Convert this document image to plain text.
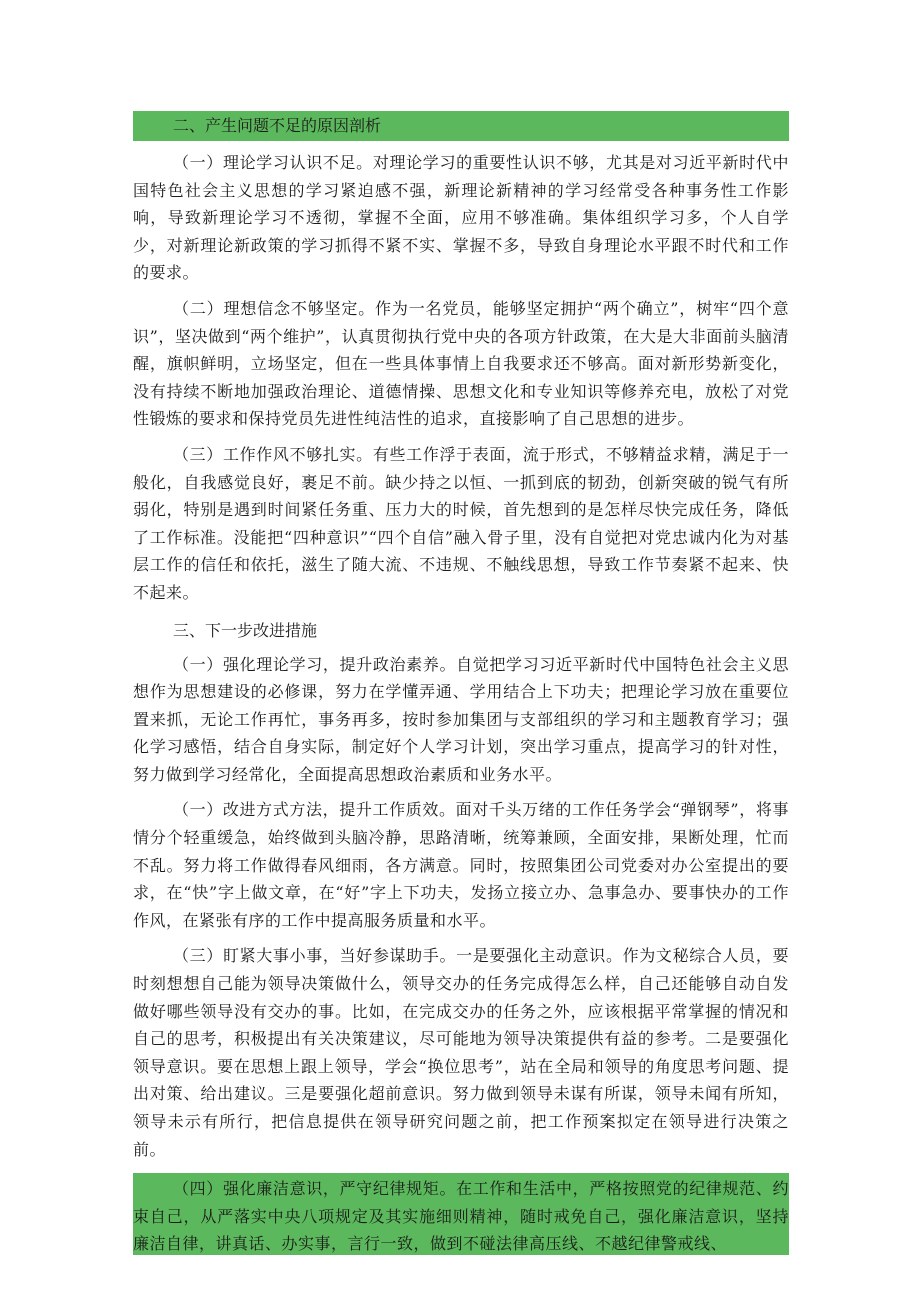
二、产生问题不足的原因剖析

（一）理论学习认识不足。对理论学习的重要性认识不够，尤其是对习近平新时代中国特色社会主义思想的学习紧迫感不强，新理论新精神的学习经常受各种事务性工作影响，导致新理论学习不透彻，掌握不全面，应用不够准确。集体组织学习多，个人自学少，对新理论新政策的学习抓得不紧不实、掌握不多，导致自身理论水平跟不时代和工作的要求。

（二）理想信念不够坚定。作为一名党员，能够坚定拥护“两个确立”，树牢“四个意识”，坚决做到“两个维护”，认真贯彻执行党中央的各项方针政策，在大是大非面前头脑清醒，旗帜鲜明，立场坚定，但在一些具体事情上自我要求还不够高。面对新形势新变化，没有持续不断地加强政治理论、道德情操、思想文化和专业知识等修养充电，放松了对党性锻炼的要求和保持党员先进性纯洁性的追求，直接影响了自己思想的进步。

（三）工作作风不够扎实。有些工作浮于表面，流于形式，不够精益求精，满足于一般化，自我感觉良好，裹足不前。缺少持之以恒、一抓到底的韧劲，创新突破的锐气有所弱化，特别是遇到时间紧任务重、压力大的时候，首先想到的是怎样尽快完成任务，降低了工作标准。没能把“四种意识”“四个自信”融入骨子里，没有自觉把对党忠诚内化为对基层工作的信任和依托，滋生了随大流、不违规、不触线思想，导致工作节奏紧不起来、快不起来。

三、下一步改进措施

（一）强化理论学习，提升政治素养。自觉把学习习近平新时代中国特色社会主义思想作为思想建设的必修课，努力在学懂弄通、学用结合上下功夫；把理论学习放在重要位置来抓，无论工作再忙，事务再多，按时参加集团与支部组织的学习和主题教育学习；强化学习感悟，结合自身实际，制定好个人学习计划，突出学习重点，提高学习的针对性，努力做到学习经常化，全面提高思想政治素质和业务水平。

（一）改进方式方法，提升工作质效。面对千头万绪的工作任务学会“弹钢琴”，将事情分个轻重缓急，始终做到头脑冷静，思路清晰，统筹兼顾，全面安排，果断处理，忙而不乱。努力将工作做得春风细雨，各方满意。同时，按照集团公司党委对办公室提出的要求，在“快”字上做文章，在“好”字上下功夫，发扬立接立办、急事急办、要事快办的工作作风，在紧张有序的工作中提高服务质量和水平。

（三）盯紧大事小事，当好参谋助手。一是要强化主动意识。作为文秘综合人员，要时刻想想自己能为领导决策做什么，领导交办的任务完成得怎么样，自己还能够自动自发做好哪些领导没有交办的事。比如，在完成交办的任务之外，应该根据平常掌握的情况和自己的思考，积极提出有关决策建议，尽可能地为领导决策提供有益的参考。二是要强化领导意识。要在思想上跟上领导，学会“换位思考”，站在全局和领导的角度思考问题、提出对策、给出建议。三是要强化超前意识。努力做到领导未谋有所谋，领导未闻有所知，领导未示有所行，把信息提供在领导研究问题之前，把工作预案拟定在领导进行决策之前。

（四）强化廉洁意识，严守纪律规矩。在工作和生活中，严格按照党的纪律规范、约束自己，从严落实中央八项规定及其实施细则精神，随时戒免自己，强化廉洁意识，坚持廉洁自律，讲真话、办实事，言行一致，做到不碰法律高压线、不越纪律警戒线、
